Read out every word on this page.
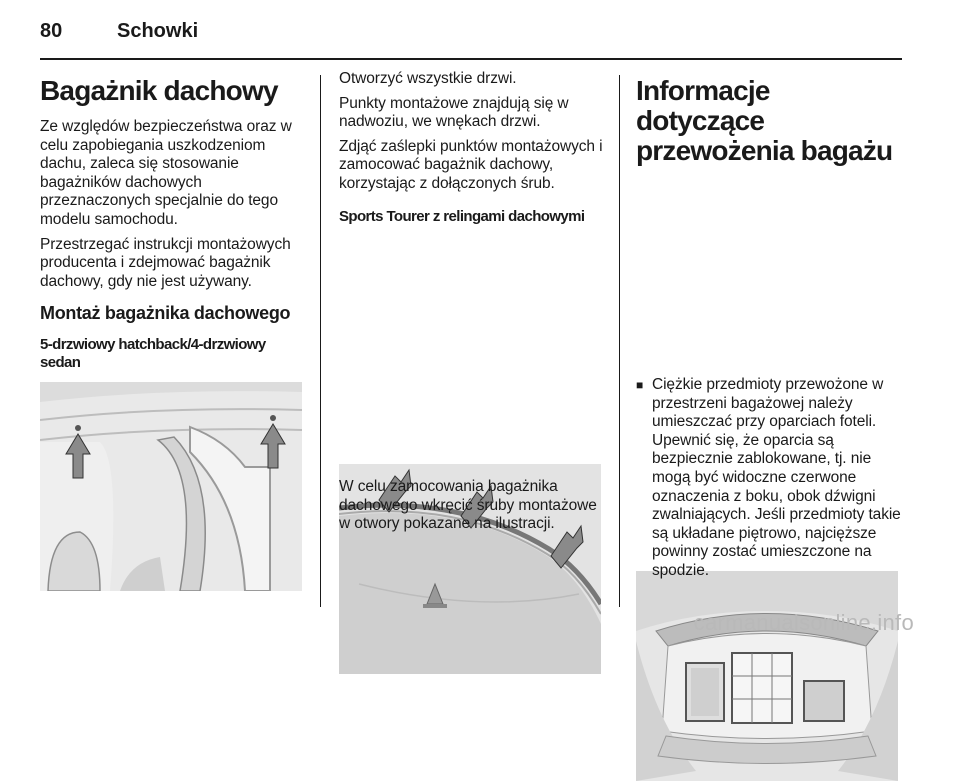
80	Schowki
Bagażnik dachowy

Ze względów bezpieczeństwa oraz w celu zapobiegania uszkodzeniom dachu, zaleca się stosowanie bagażników dachowych przeznaczonych specjalnie do tego modelu samochodu.

Przestrzegać instrukcji montażowych producenta i zdejmować bagażnik dachowy, gdy nie jest używany.

Montaż bagażnika dachowego
5-drzwiowy hatchback/4-drzwiowy sedan

Otworzyć wszystkie drzwi.

Punkty montażowe znajdują się w nadwoziu, we wnękach drzwi.

Zdjąć zaślepki punktów montażowych i zamocować bagażnik dachowy, korzystając z dołączonych śrub.

Sports Tourer z relingami dachowymi

W celu zamocowania bagażnika dachowego wkręcić śruby montażowe w otwory pokazane na ilustracji.

Informacje dotyczące przewożenia bagażu
■ Ciężkie przedmioty przewożone w przestrzeni bagażowej należy umieszczać przy oparciach foteli. Upewnić się, że oparcia są bezpiecznie zablokowane, tj. nie mogą być widoczne czerwone oznaczenia z boku, obok dźwigni zwalniających. Jeśli przedmioty takie są układane piętrowo, najcięższe powinny zostać umieszczone na spodzie.

carmanualsonline.info
